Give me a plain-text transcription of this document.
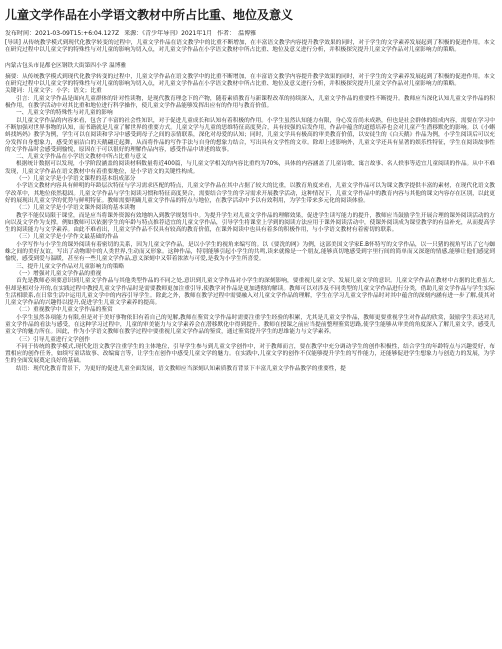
儿童文学作品在小学语文教材中所占比重、地位及意义
发布时间：2021-03-09T15:+6:04.127Z 来源：《青少年导刊》2021年1月 作者： 温博雅

[导读] 从传统教学模式到现代化教学转变的过程中，儿童文学作品在语文教学中的比重不断增加，在丰富语文教学内容提升教学效果的同时，对于学生的文学素养发展起到了积极的促进作用。本文在研究过程中以儿童文学的特殊性与对儿童的影响为切入点，对儿童文学作品在小学语文教材中所占比重、地位及意义进行分析，并积极探究提升儿童文学作品对儿童影响力的策略。

内蒙古包头市昆都仑区钢铁大街第四小学 温博雅

摘要：从传统教学模式到现代化教学转变的过程中，儿童文学作品在语文教学中的比重不断增加，在丰富语文教学内容提升教学效果的同时，对于学生的文学素养发展起到了积极的促进作用。本文在研究过程中以儿童文学的特殊性与对儿童的影响为切入点，对儿童文学作品在小学语文教材中所占比重、地位及意义进行分析，并积极探究提升儿童文学作品对儿童影响力的策略。

关键词：儿童文学；小学；语文；比重

引言：儿童文学作品是面向儿童群体的针对性读物，是现代教育理念下的产物，随着素质教育与新课程改革的持续深入，儿童文学作品的重要性不断提升。教师应当深化认知儿童文学作品的积极作用，在教学活动中对其比重和地位进行科学操作，使儿童文学作品能够发挥出应有的作用与教育价值。

一、儿童文学的特殊性与对儿童的影响

以儿童文学作品的内容来看，包含了丰富的社会性知识，对于促进儿童成长和认知有着积极的作用。小学生虽然认知能力有限，身心发育尚未成熟，但也是社会群体的组成内容，需要在学习中不断加强对世界事物的认知，而书籍就是儿童了解世界的重要方式。儿童文学与儿童的思维特征高度契合，具有较强的启发作用，作品中蕴含的道德培养也会对儿童产生潜移默化的影响。以《小蝌蚪找妈妈》教学为例，学生可以在阅读和学习中感受到母子之间的亲情联系，深化对母爱的认知；同时，儿童文学具有极高的审美教育价值，以安徒生的《白天鹅》作品为例，小学生阅读后可以充分发挥自身想象力，感受美丽洁白的天鹅翩迁起舞，从而将作品的写作手法与自身的想象力结合，写出具有文学性的文章。除却上述影响外，儿童文学还具有显著的娱乐性特征，学生在阅读故事性的文学作品时会感受到愉悦，原因在于可以很好的理解作品内容，感受作品中讲述的故事。

二、儿童文学作品在小学语文教材中所占比重与意义

根据统计数据可以发现，小学阶段涵盖的阅读材料数量将近400篇，与儿童文学相关的内容比重约为70%，具体的内容涵盖了儿童诗歌、寓言故事、名人轶事等适宜儿童阅读的作品。从中不难发现，儿童文学作品在语文教材中有着重要地位，是小学语文的关键性构成。

（一）儿童文学是小学语文课程的基本组成部分

小学语文教材内容具有鲜明的年龄层次特征与学习需求匹配的特点，儿童文学作品在其中占据了较大的比重，以教育角度来看，儿童文学作品可以为课文教学提供丰富的素材，在现代化语文教学改革中，其地位依然稳固。儿童文学作品与学生阅读习惯和特征高度契合，需要结合学生的学习需求开展教学活动，这种情况下，儿童文学作品中的教育内容与其他的课文内容存在区别，以此更好的展现出儿童文学的优势与鲜明特征。教师需要明确儿童文学作品的特点与地位，在教学活动中予以有效利用，为学生带来多元化的阅读体验。

（二）儿童文学是小学语文课外阅读的基本读物

教学不能仅局限于课堂，而是应当将课外资源有效地纳入到教学规划当中。为提升学生对儿童文学作品的理解效果，促进学生读写能力的提升，教师应当鼓励学生开展合理的课外阅读活动的方向以及文学作为支撑。例如教师可以依据学生的年龄与特点推荐适宜的儿童文学作品，引导学生将课堂上学到的阅读方法应用于课外阅读活动中，使课外阅读成为课堂教学的有益补充，从而提高学生的阅读能力与文学素养。由此不难看出，儿童文学作品不仅具有较高的教育价值，在课外阅读中也具有着多的积极作用，与小学语文教材有着密切的联系。

（三）儿童文学是小学作文最基础的作品

小学写作与小学生的课外阅读有着密切的关系，因为儿童文学作品，是以小学生的视角来编写的。以《要洗的网》为例，这部美国文学家E.B怀特写的文学作品，以一只猪的视角写出了它与蜘蛛之间的美好友谊，写出了动物眼中的人类世界,生动而又形象。这种作品，特别能够引起小学生的共鸣,读来就像是一个朋友,能够真切地感受到字里行间的简单而又深邃的情感,能够让他们感觉到愉悦，感受到爱与温暖，甚至有一些儿童文学作品,意义深刻中又带着浓浓与可爱,是我为小学生所喜爱。

三、提升儿童文学作品对儿童影响力的策略

（一）增强对儿童文学作品的重视

首先是教师必须要意识到儿童文学作品与其他类型作品的不同之处,意识到儿童文学作品对小学生的深刻影响，要重视儿童文学、发展儿童文学的意识。儿童文学作品在教材中占据的比重虽大,但却是相对分开的,在实践过程中教授儿童文学作品时是需要教师更加注重引导,使教学对作品是更加透彻的解读。教师可以对涉及不同类型的儿童文学作品进行分类，借助儿童文学作品与学生实际生活相联系,在日常生活中运用儿童文学中的内容引导学生。除此之外，教师在教学过程中需要融入对儿童文学作品的理解，学生在学习儿童文学作品时对其中蕴含的深刻内涵有进一步了解,使其对儿童文学作品的兴趣得以提升,促进学生儿童文学素养的提高。

（二）重视教学中儿童文学作品的鉴赏

小学生虽然各项能力有限,但是对于美好事物依旧有着自己的见解,教师在鉴赏文学作品时需要注重学生经验的积累，尤其是儿童文学作品，教师更要重视学生对作品的欣赏，鼓励学生表达对儿童文学作品的看法与感受，在这种学习过程中，儿童的审美能力与文学素养会在潜移默化中得到提升。教师在授课之前应当提前整理鉴赏思路,使学生能够从审美的角度深入了解儿童文学，感受儿童文学的魅力所在。因此，作为小学语文教师在教学过程中要重视儿童文学作品的鉴赏，通过鉴赏提升学生的思维能力与文学素养。

（三）引导儿童进行文学创作

不同于传统的教学模式,现代化语文教学注重学生的主体地位，引导学生参与到儿童文学创作中，对于教师而言，要在教学中充分调动学生的创作积极性，结合学生的年龄特点与兴趣爱好，布置相应的创作任务，如续写童话故事、改编寓言等，让学生在创作中感受儿童文学的魅力。在实践中,儿童文学的创作不仅能够提升学生的写作能力，还能够促进学生想象力与创造力的发展，为学生的全面发展奠定良好的基础。

结语：现代化教育背景下，为更好的促进儿童全面发展，语文教师应当深刻认知素质教育背景下丰富儿童文学作品教学的重要性，提
